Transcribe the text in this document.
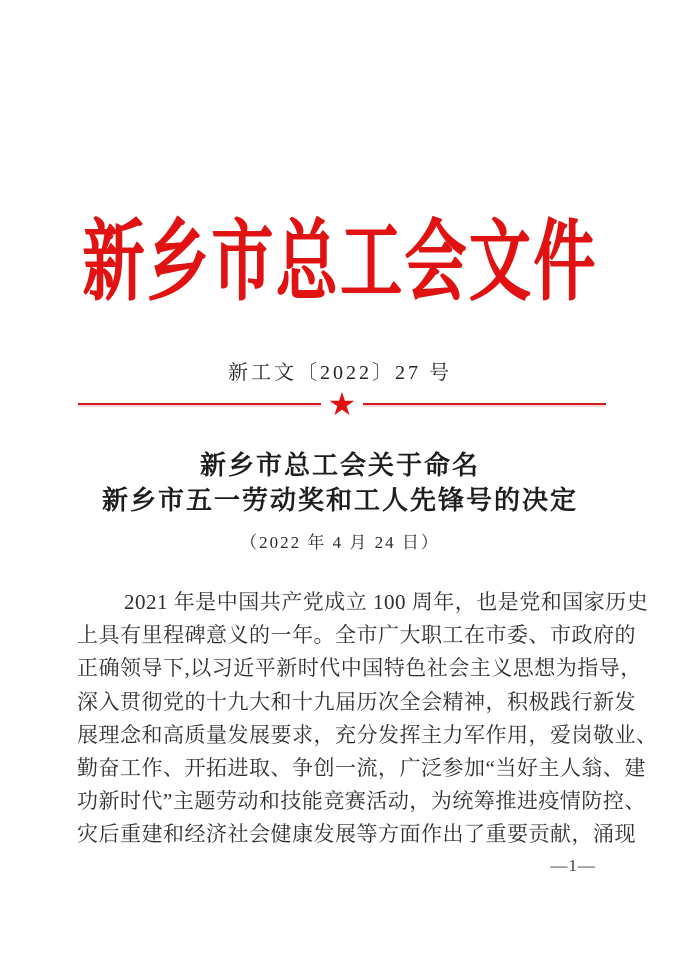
新乡市总工会文件
新工文〔2022〕27 号
★
新乡市总工会关于命名
新乡市五一劳动奖和工人先锋号的决定
（2022 年 4 月 24 日）
2021 年是中国共产党成立 100 周年，也是党和国家历史
上具有里程碑意义的一年。全市广大职工在市委、市政府的
正确领导下,以习近平新时代中国特色社会主义思想为指导，
深入贯彻党的十九大和十九届历次全会精神，积极践行新发
展理念和高质量发展要求，充分发挥主力军作用，爱岗敬业、
勤奋工作、开拓进取、争创一流，广泛参加“当好主人翁、建
功新时代”主题劳动和技能竞赛活动，为统筹推进疫情防控、
灾后重建和经济社会健康发展等方面作出了重要贡献，涌现
—1—
